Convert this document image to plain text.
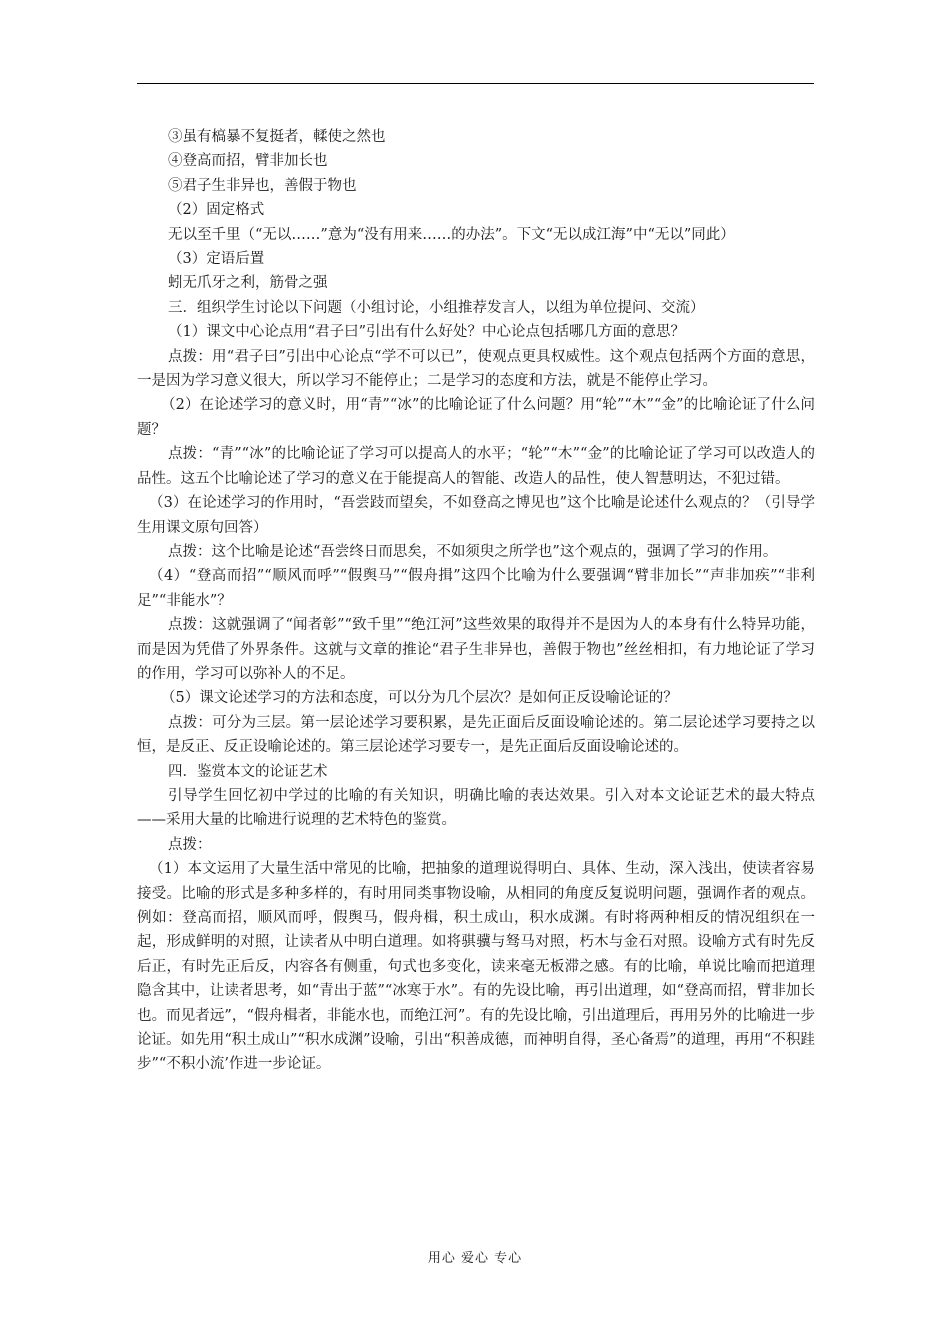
③虽有槁暴不复挺者，輮使之然也

④登高而招，臂非加长也

⑤君子生非异也，善假于物也

（2）固定格式

无以至千里（“无以……”意为“没有用来……的办法”。下文“无以成江海”中“无以”同此）

（3）定语后置

蚓无爪牙之利，筋骨之强

三．组织学生讨论以下问题（小组讨论，小组推荐发言人，以组为单位提问、交流）

（1）课文中心论点用“君子曰”引出有什么好处？中心论点包括哪几方面的意思？

点拨：用“君子曰”引出中心论点“学不可以已”，使观点更具权威性。这个观点包括两个方面的意思，一是因为学习意义很大，所以学习不能停止；二是学习的态度和方法，就是不能停止学习。

（2）在论述学习的意义时，用“青”“冰”的比喻论证了什么问题？用“轮”“木”“金”的比喻论证了什么问题？

点拨：“青”“冰”的比喻论证了学习可以提高人的水平；“轮”“木”“金”的比喻论证了学习可以改造人的品性。这五个比喻论述了学习的意义在于能提高人的智能、改造人的品性，使人智慧明达，不犯过错。

（3）在论述学习的作用时，“吾尝跂而望矣，不如登高之博见也”这个比喻是论述什么观点的？（引导学生用课文原句回答）

点拨：这个比喻是论述“吾尝终日而思矣，不如须臾之所学也”这个观点的，强调了学习的作用。

（4）“登高而招”“顺风而呼”“假舆马”“假舟揖”这四个比喻为什么要强调“臂非加长”“声非加疾”“非利足”“非能水”？

点拨：这就强调了“闻者彰”“致千里”“绝江河”这些效果的取得并不是因为人的本身有什么特异功能，而是因为凭借了外界条件。这就与文章的推论“君子生非异也，善假于物也”丝丝相扣，有力地论证了学习的作用，学习可以弥补人的不足。

（5）课文论述学习的方法和态度，可以分为几个层次？是如何正反设喻论证的？

点拨：可分为三层。第一层论述学习要积累，是先正面后反面设喻论述的。第二层论述学习要持之以恒，是反正、反正设喻论述的。第三层论述学习要专一，是先正面后反面设喻论述的。

四．鉴赏本文的论证艺术

引导学生回忆初中学过的比喻的有关知识，明确比喻的表达效果。引入对本文论证艺术的最大特点——采用大量的比喻进行说理的艺术特色的鉴赏。

点拨：

（1）本文运用了大量生活中常见的比喻，把抽象的道理说得明白、具体、生动，深入浅出，使读者容易接受。比喻的形式是多种多样的，有时用同类事物设喻，从相同的角度反复说明问题，强调作者的观点。例如：登高而招，顺风而呼，假舆马，假舟楫，积土成山，积水成渊。有时将两种相反的情况组织在一起，形成鲜明的对照，让读者从中明白道理。如将骐骥与驽马对照，朽木与金石对照。设喻方式有时先反后正，有时先正后反，内容各有侧重，句式也多变化，读来毫无板滞之感。有的比喻，单说比喻而把道理隐含其中，让读者思考，如“青出于蓝”“冰寒于水”。有的先设比喻，再引出道理，如“登高而招，臂非加长也。而见者远”，“假舟楫者，非能水也，而绝江河”。有的先设比喻，引出道理后，再用另外的比喻进一步论证。如先用“积土成山”“积水成渊”设喻，引出“积善成德，而神明自得，圣心备焉”的道理，再用“不积跬步”“不积小流’作进一步论证。

用心 爱心 专心
